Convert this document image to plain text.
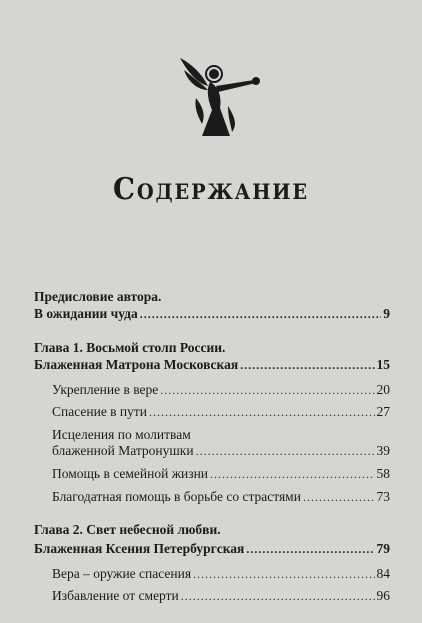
Содержание
Предисловие автора.
В ожидании чуда .....	9
Глава 1. Восьмой столп России.
Блаженная Матрона Московская .....	15
Укрепление в вере .....	20
Спасение в пути .....	27
Исцеления по молитвам
блаженной Матронушки .....	39
Помощь в семейной жизни .....	58
Благодатная помощь в борьбе со страстями .....	73
Глава 2. Свет небесной любви.
Блаженная Ксения Петербургская .....	79
Вера – оружие спасения .....	84
Избавление от смерти .....	96
